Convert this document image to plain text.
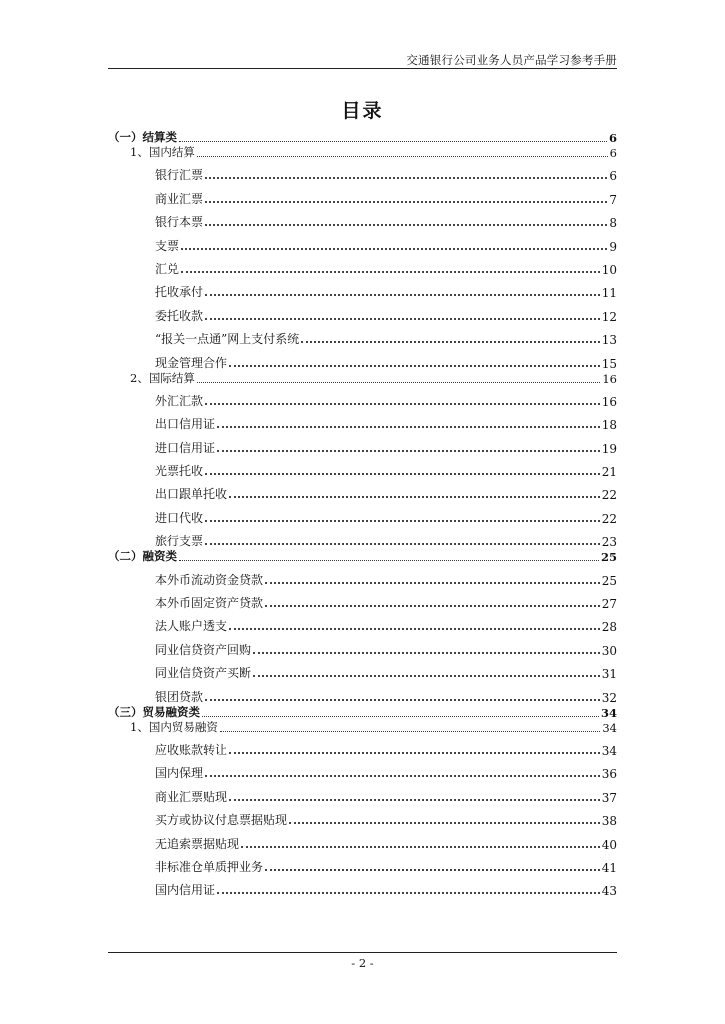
交通银行公司业务人员产品学习参考手册
目录
（一）结算类	6
1、国内结算	6
银行汇票	6
商业汇票	7
银行本票	8
支票	9
汇兑	10
托收承付	11
委托收款	12
“报关一点通”网上支付系统	13
现金管理合作	15
2、国际结算	16
外汇汇款	16
出口信用证	18
进口信用证	19
光票托收	21
出口跟单托收	22
进口代收	22
旅行支票	23
（二）融资类	25
本外币流动资金贷款	25
本外币固定资产贷款	27
法人账户透支	28
同业信贷资产回购	30
同业信贷资产买断	31
银团贷款	32
（三）贸易融资类	34
1、国内贸易融资	34
应收账款转让	34
国内保理	36
商业汇票贴现	37
买方或协议付息票据贴现	38
无追索票据贴现	40
非标准仓单质押业务	41
国内信用证	43
- 2 -
